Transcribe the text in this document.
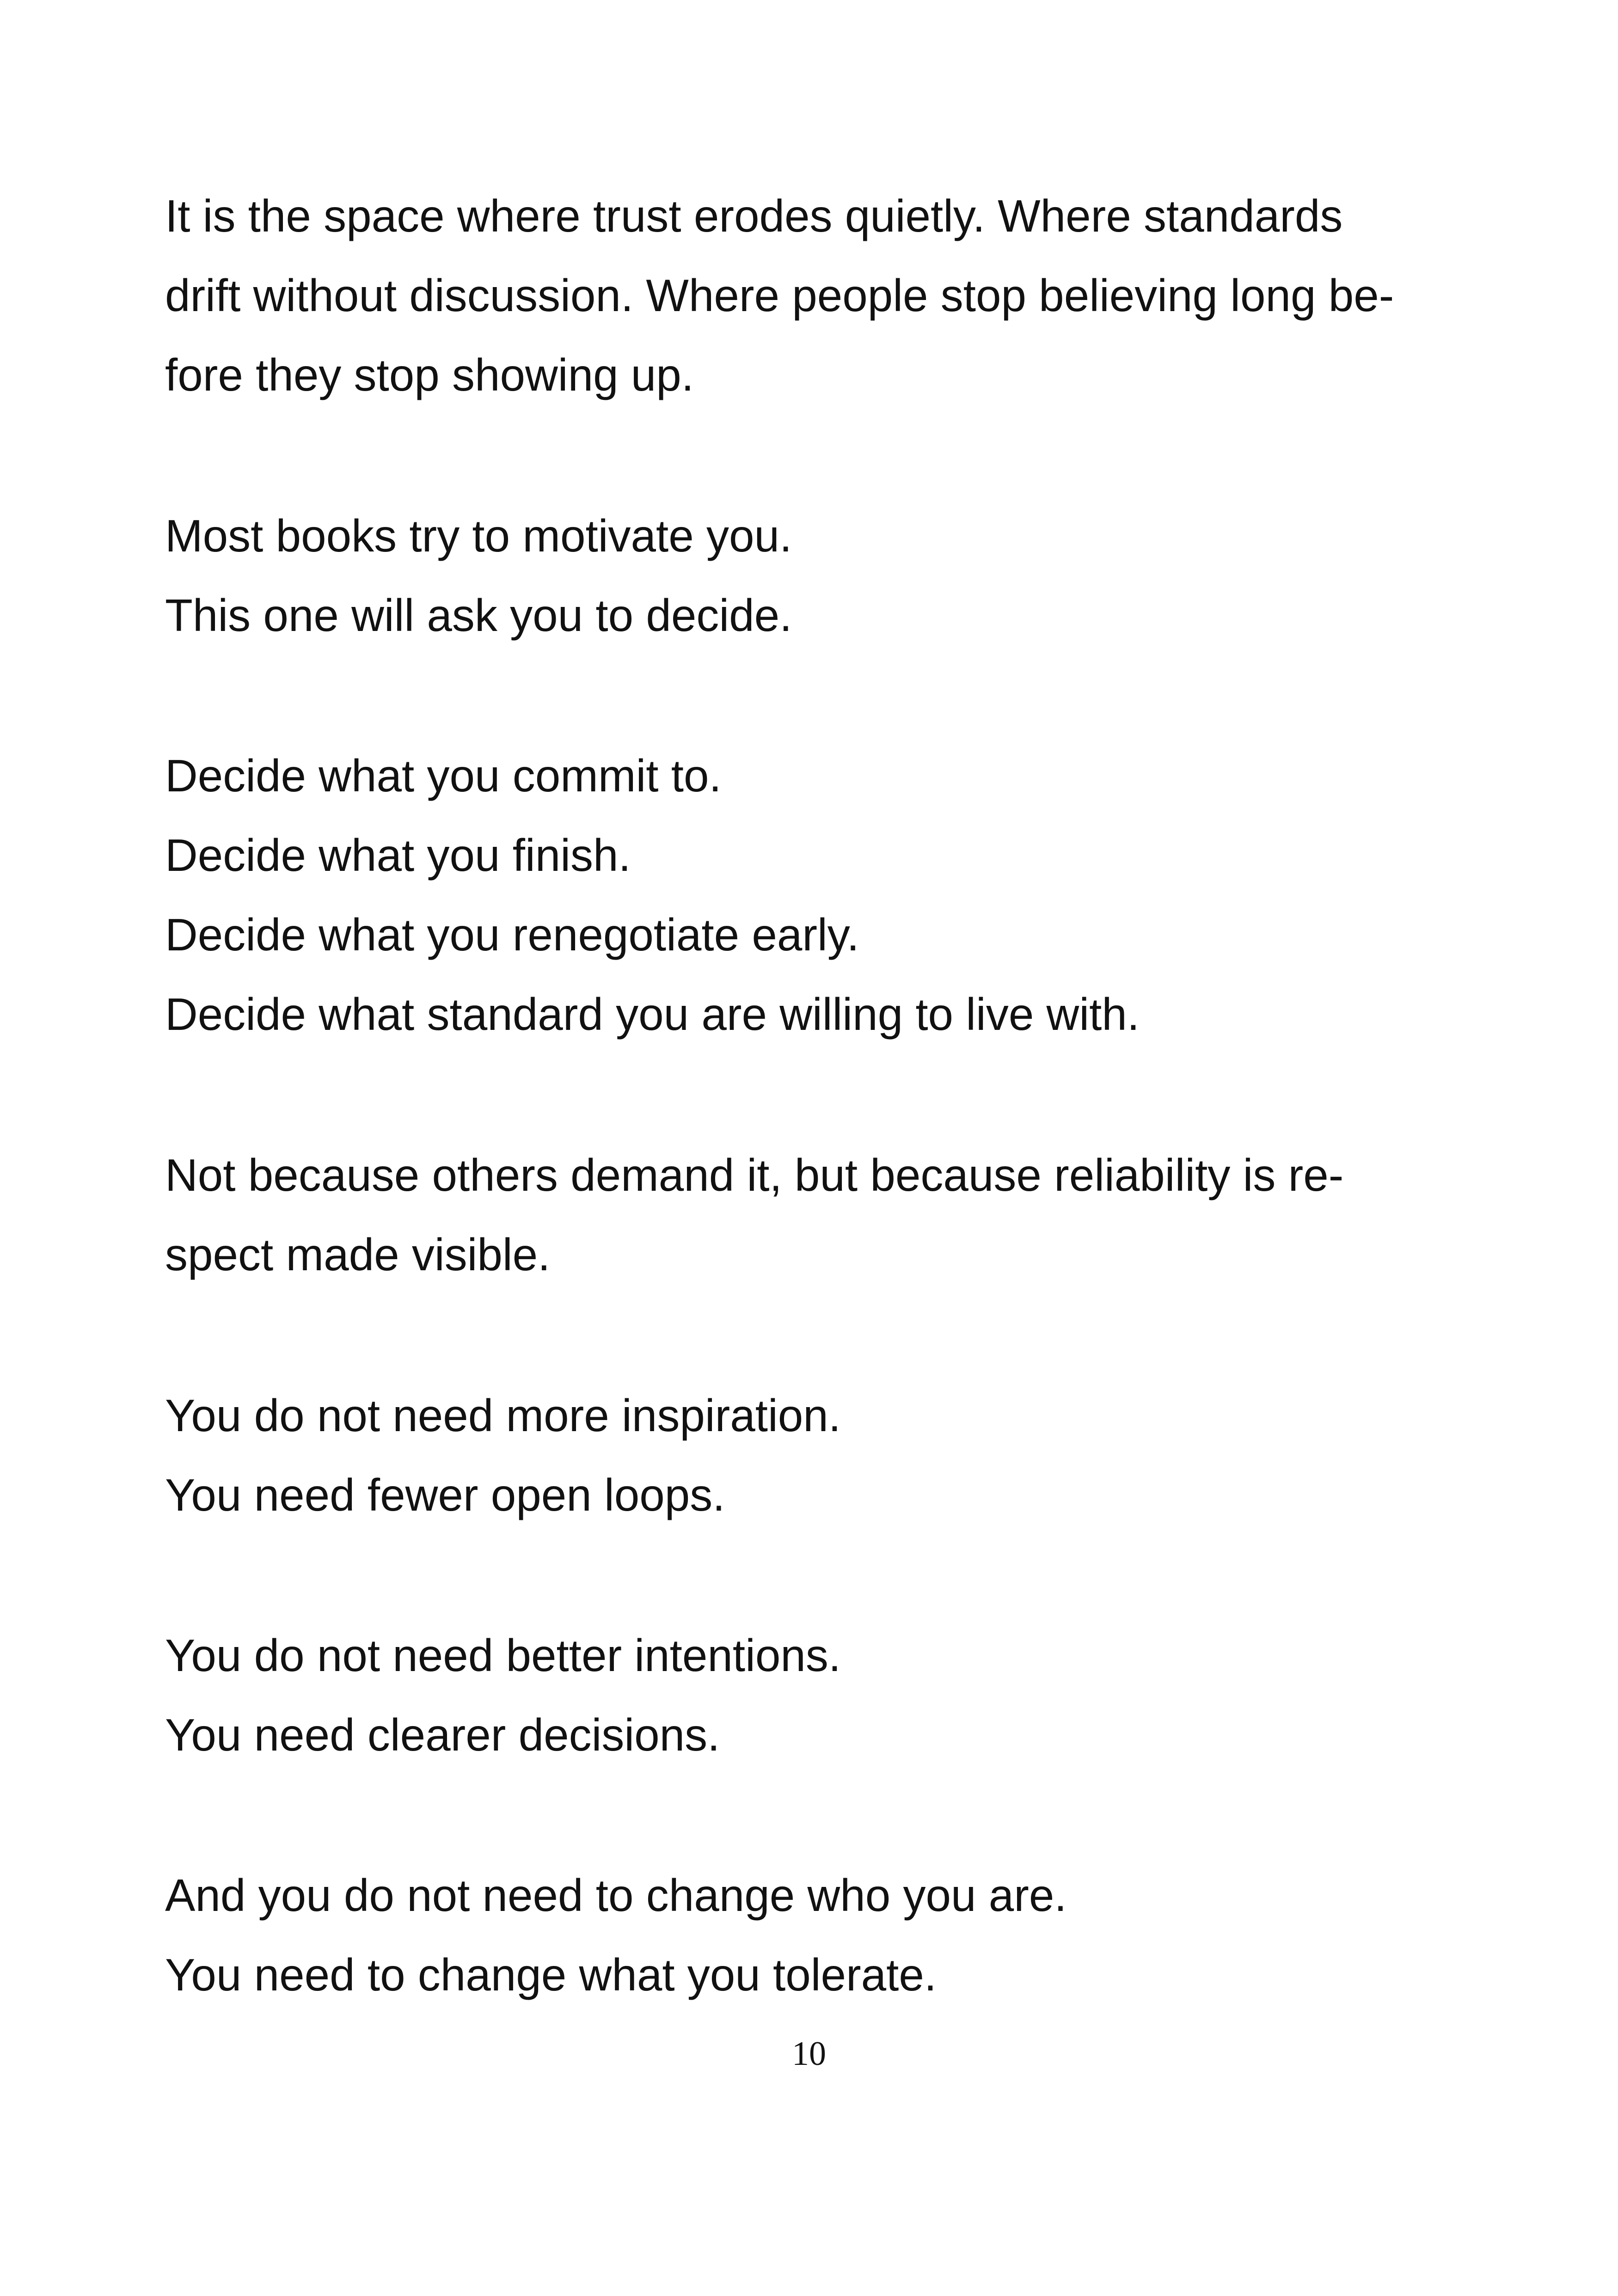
It is the space where trust erodes quietly. Where standards
drift without discussion. Where people stop believing long be-
fore they stop showing up.
Most books try to motivate you.
This one will ask you to decide.
Decide what you commit to.
Decide what you finish.
Decide what you renegotiate early.
Decide what standard you are willing to live with.
Not because others demand it, but because reliability is re-
spect made visible.
You do not need more inspiration.
You need fewer open loops.
You do not need better intentions.
You need clearer decisions.
And you do not need to change who you are.
You need to change what you tolerate.
10
